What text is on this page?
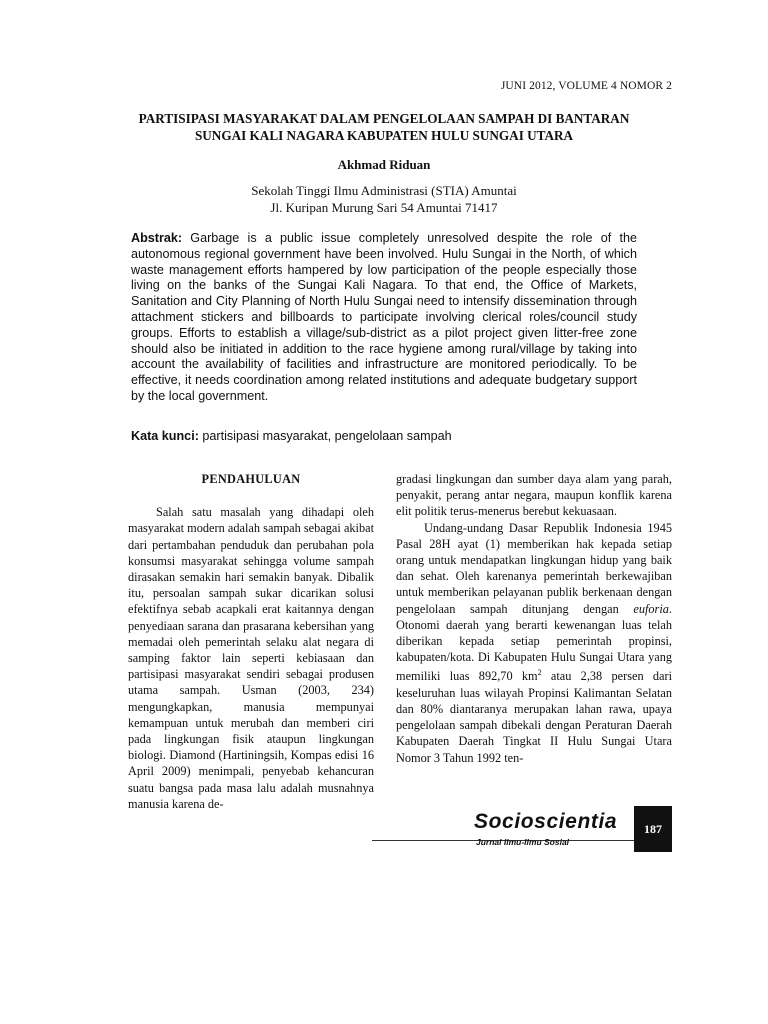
JUNI 2012, VOLUME 4 NOMOR 2
PARTISIPASI MASYARAKAT DALAM PENGELOLAAN SAMPAH DI BANTARAN
SUNGAI KALI NAGARA KABUPATEN HULU SUNGAI UTARA

Akhmad Riduan

Sekolah Tinggi Ilmu Administrasi (STIA) Amuntai
Jl. Kuripan Murung Sari 54 Amuntai 71417

Abstrak: Garbage is a public issue completely unresolved despite the role of the autonomous regional government have been involved. Hulu Sungai in the North, of which waste management efforts hampered by low participation of the people especially those living on the banks of the Sungai Kali Nagara. To that end, the Office of Markets, Sanitation and City Planning of North Hulu Sungai need to intensify dissemination through attachment stickers and billboards to participate involving clerical roles/council study groups. Efforts to establish a village/sub-district as a pilot project given litter-free zone should also be initiated in addition to the race hygiene among rural/village by taking into account the availability of facilities and infrastructure are monitored periodically. To be effective, it needs coordination among related institutions and adequate budgetary support by the local government.

Kata kunci: partisipasi masyarakat, pengelolaan sampah

PENDAHULUAN

Salah satu masalah yang dihadapi oleh masyarakat modern adalah sampah sebagai akibat dari pertambahan penduduk dan perubahan pola konsumsi masyarakat sehingga volume sampah dirasakan semakin hari semakin banyak. Dibalik itu, persoalan sampah sukar dicarikan solusi efektifnya sebab acapkali erat kaitannya dengan penyediaan sarana dan prasarana kebersihan yang memadai oleh pemerintah selaku alat negara di samping faktor lain seperti kebiasaan dan partisipasi masyarakat sendiri sebagai produsen utama sampah. Usman (2003, 234) mengungkapkan, manusia mempunyai kemampuan untuk merubah dan memberi ciri pada lingkungan fisik ataupun lingkungan biologi. Diamond (Hartiningsih, Kompas edisi 16 April 2009) menimpali, penyebab kehancuran suatu bangsa pada masa lalu adalah musnahnya manusia karena de-

gradasi lingkungan dan sumber daya alam yang parah, penyakit, perang antar negara, maupun konflik karena elit politik terus-menerus berebut kekuasaan.

Undang-undang Dasar Republik Indonesia 1945 Pasal 28H ayat (1) memberikan hak kepada setiap orang untuk mendapatkan lingkungan hidup yang baik dan sehat. Oleh karenanya pemerintah berkewajiban untuk memberikan pelayanan publik berkenaan dengan pengelolaan sampah ditunjang dengan euforia. Otonomi daerah yang berarti kewenangan luas telah diberikan kepada setiap pemerintah propinsi, kabupaten/kota. Di Kabupaten Hulu Sungai Utara yang memiliki luas 892,70 $km^2$ atau 2,38 persen dari keseluruhan luas wilayah Propinsi Kalimantan Selatan dan 80% diantaranya merupakan lahan rawa, upaya pengelolaan sampah dibekali dengan Peraturan Daerah Kabupaten Daerah Tingkat II Hulu Sungai Utara Nomor 3 Tahun 1992 ten-

Socioscientia
Jurnal Ilmu-Ilmu Sosial
187
